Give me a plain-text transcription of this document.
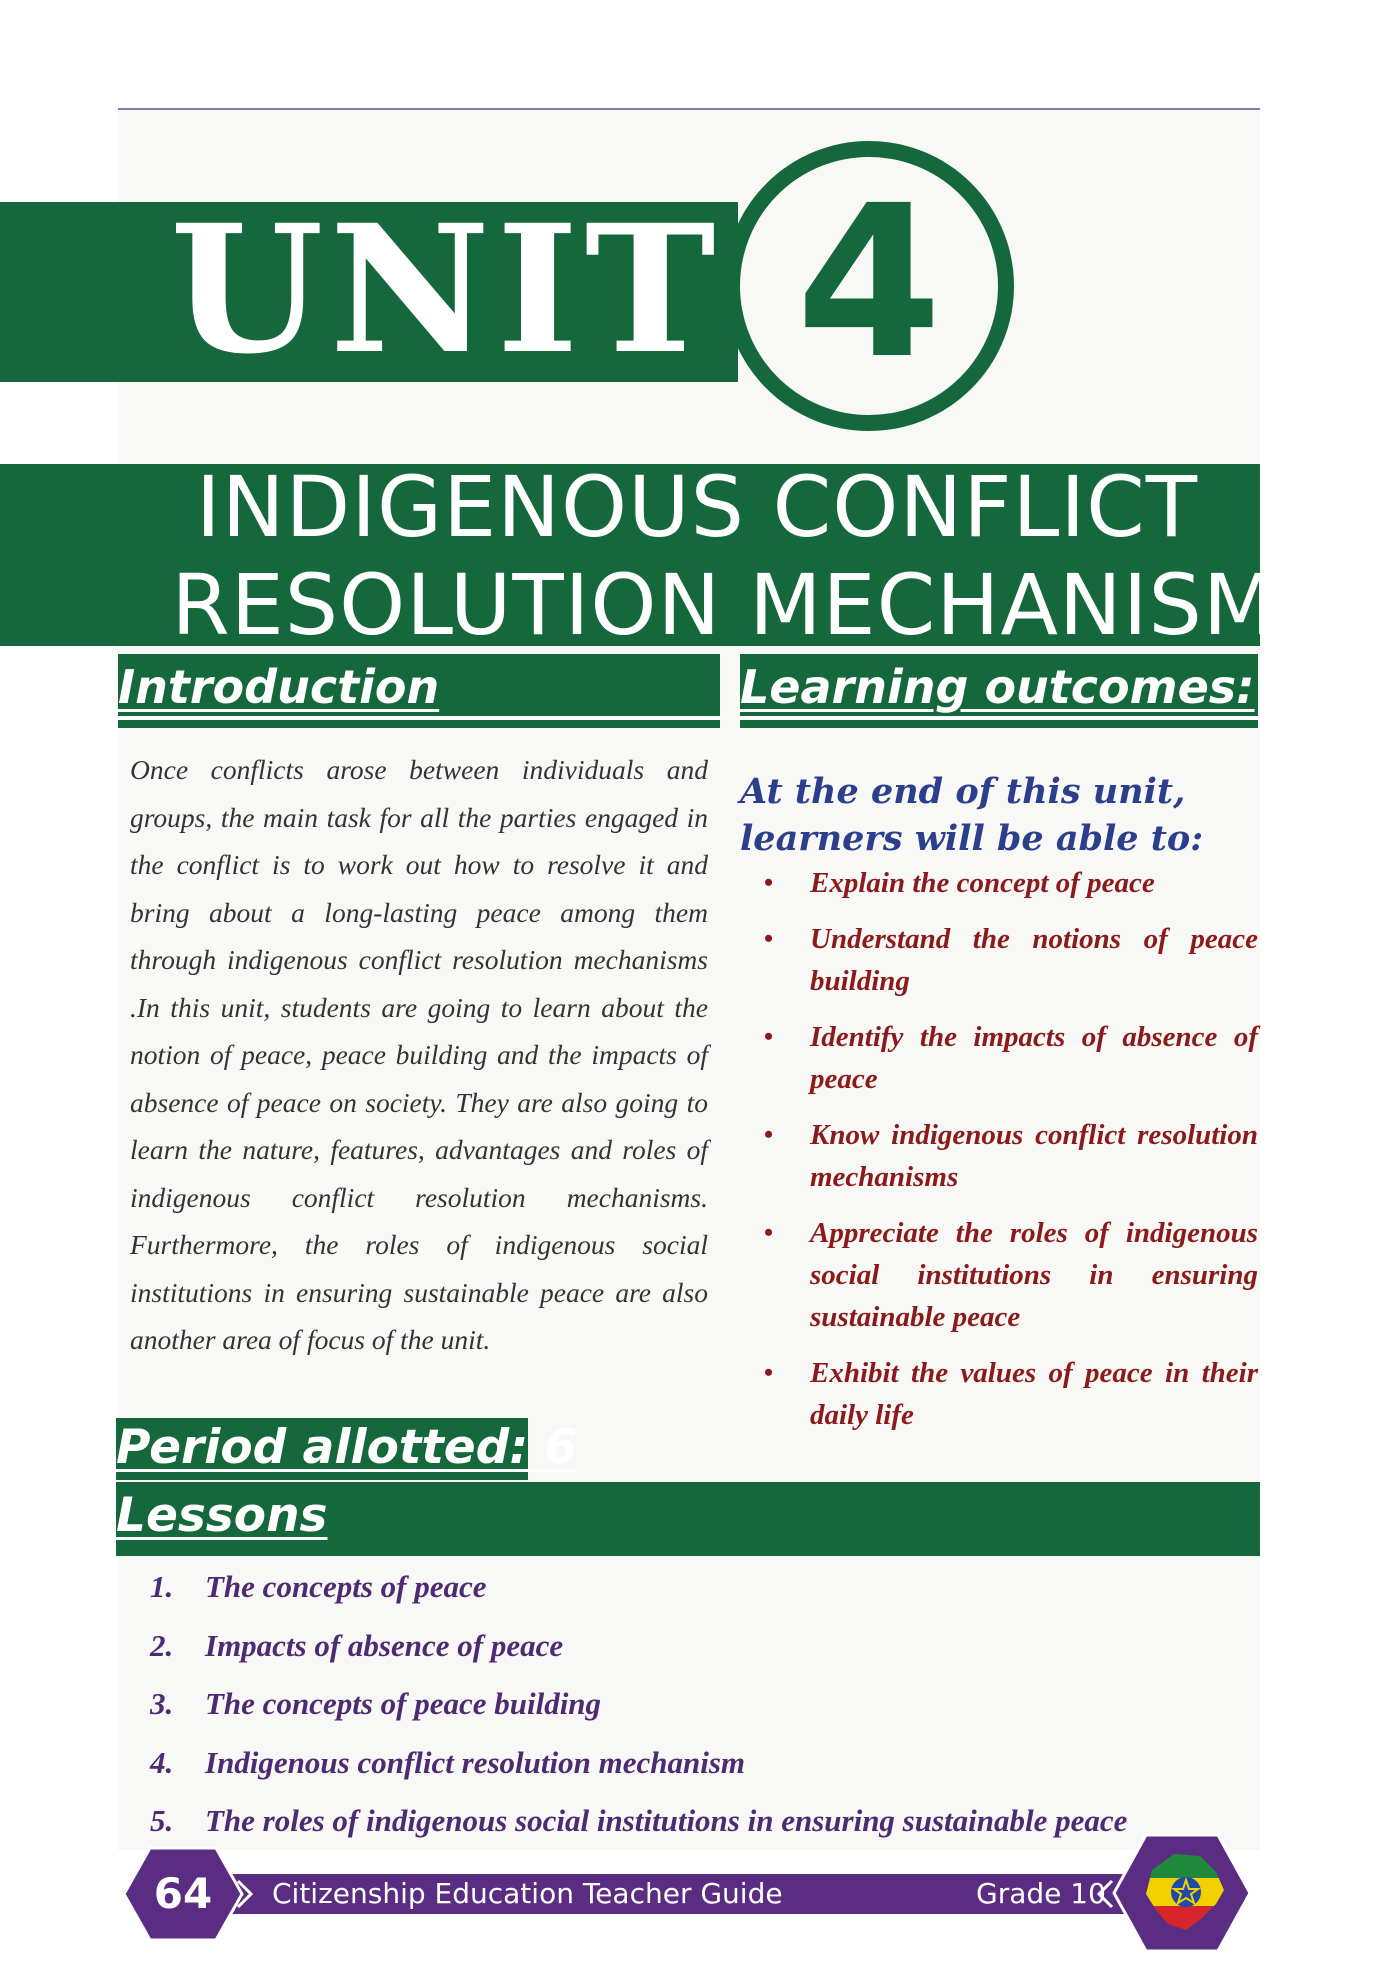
UNIT 4
INDIGENOUS CONFLICT
RESOLUTION MECHANISMS
Introduction

Once conflicts arose between individuals and groups, the main task for all the parties engaged in the conflict is to work out how to resolve it and bring about a long-lasting peace among them through indigenous conflict resolution mechanisms .In this unit, students are going to learn about the notion of peace, peace building and the impacts of absence of peace on society. They are also going to learn the nature, features, advantages and roles of indigenous conflict resolution mechanisms. Furthermore, the roles of indigenous social institutions in ensuring sustainable peace are also another area of focus of the unit.

Learning outcomes:

At the end of this unit, learners will be able to:

• Explain the concept of peace
• Understand the notions of peace building
• Identify the impacts of absence of peace
• Know indigenous conflict resolution mechanisms
• Appreciate the roles of indigenous social institutions in ensuring sustainable peace
• Exhibit the values of peace in their daily life
Period allotted: 6
Lessons
1. The concepts of peace
2. Impacts of absence of peace
3. The concepts of peace building
4. Indigenous conflict resolution mechanism
5. The roles of indigenous social institutions in ensuring sustainable peace
64	Citizenship Education Teacher Guide	Grade 10
